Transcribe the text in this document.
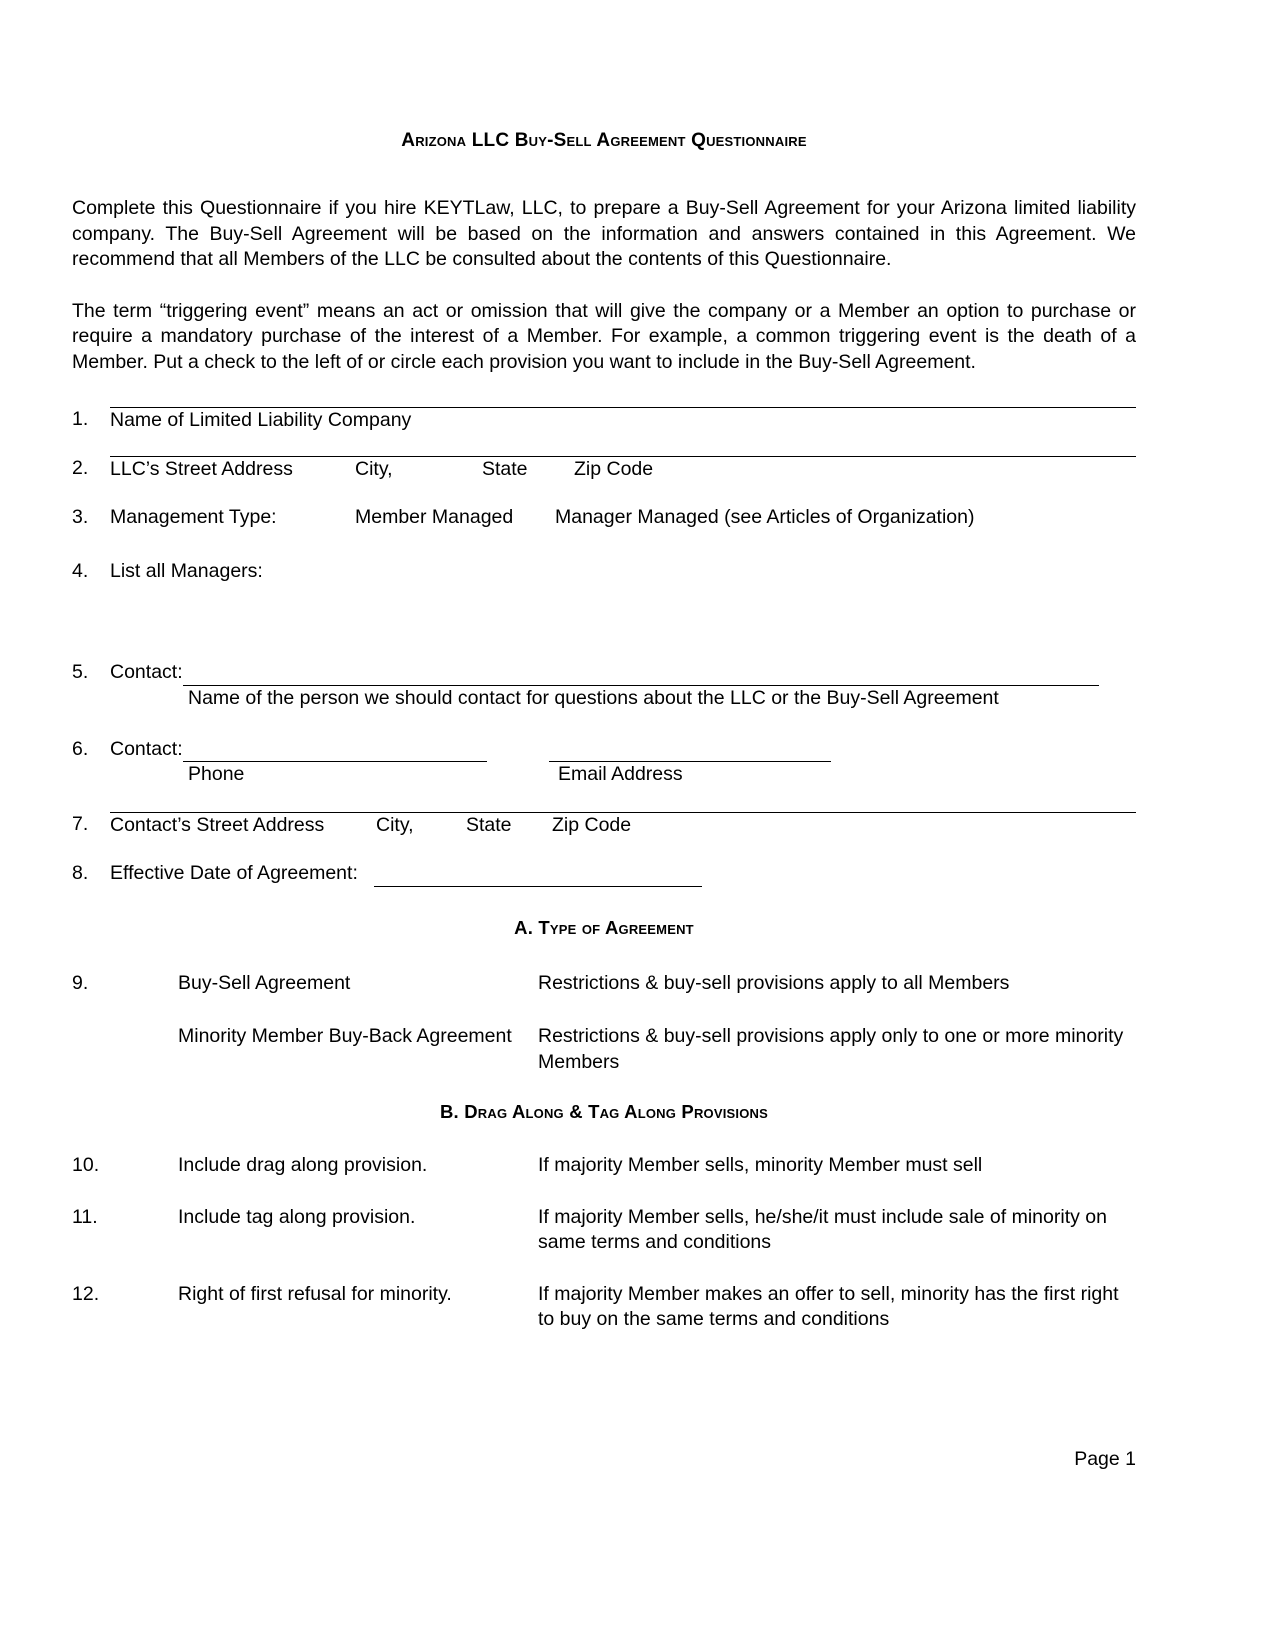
Arizona LLC Buy-Sell Agreement Questionnaire

Complete this Questionnaire if you hire KEYTLaw, LLC, to prepare a Buy-Sell Agreement for your Arizona limited liability company. The Buy-Sell Agreement will be based on the information and answers contained in this Agreement. We recommend that all Members of the LLC be consulted about the contents of this Questionnaire.

The term “triggering event” means an act or omission that will give the company or a Member an option to purchase or require a mandatory purchase of the interest of a Member. For example, a common triggering event is the death of a Member. Put a check to the left of or circle each provision you want to include in the Buy-Sell Agreement.

1.	Name of Limited Liability Company
2.	LLC’s Street Address	City,	State Zip Code
3.	Management Type:	Member Managed Manager Managed (see Articles of Organization)
4.	List all Managers:
5.	Contact:
Name of the person we should contact for questions about the LLC or the Buy-Sell Agreement
6.	Contact:
Phone	Email Address
7.	Contact’s Street Address	City,	State Zip Code
8.	Effective Date of Agreement:
A. Type of Agreement
9.	Buy-Sell Agreement	Restrictions & buy-sell provisions apply to all Members
Minority Member Buy-Back Agreement	Restrictions & buy-sell provisions apply only to one or more minority Members
B. Drag Along & Tag Along Provisions
10.	Include drag along provision.	If majority Member sells, minority Member must sell
11.	Include tag along provision.	If majority Member sells, he/she/it must include sale of minority on same terms and conditions
12.	Right of first refusal for minority.	If majority Member makes an offer to sell, minority has the first right to buy on the same terms and conditions
Page 1
